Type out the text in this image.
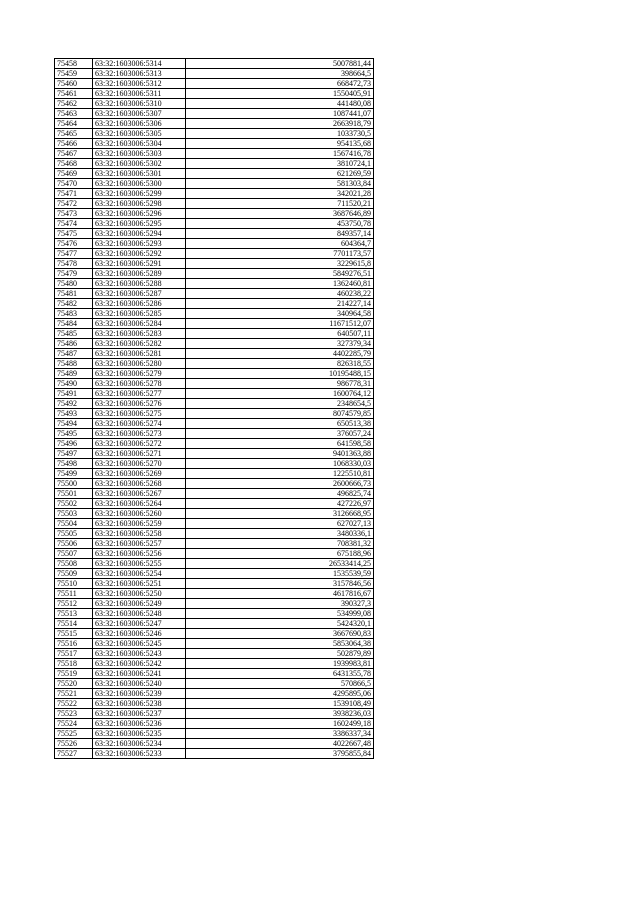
75458	63:32:1603006:5314	5007881,44
75459	63:32:1603006:5313	398664,5
75460	63:32:1603006:5312	668472,73
75461	63:32:1603006:5311	1550405,91
75462	63:32:1603006:5310	441480,08
75463	63:32:1603006:5307	1087441,07
75464	63:32:1603006:5306	2663918,79
75465	63:32:1603006:5305	1033730,5
75466	63:32:1603006:5304	954135,68
75467	63:32:1603006:5303	1567416,78
75468	63:32:1603006:5302	3810724,1
75469	63:32:1603006:5301	621269,59
75470	63:32:1603006:5300	581303,84
75471	63:32:1603006:5299	342021,28
75472	63:32:1603006:5298	711520,21
75473	63:32:1603006:5296	3687646,89
75474	63:32:1603006:5295	453750,78
75475	63:32:1603006:5294	849357,14
75476	63:32:1603006:5293	604364,7
75477	63:32:1603006:5292	7701173,57
75478	63:32:1603006:5291	3229615,8
75479	63:32:1603006:5289	5849276,51
75480	63:32:1603006:5288	1362460,81
75481	63:32:1603006:5287	460238,22
75482	63:32:1603006:5286	214227,14
75483	63:32:1603006:5285	340964,58
75484	63:32:1603006:5284	11671512,07
75485	63:32:1603006:5283	640507,11
75486	63:32:1603006:5282	327379,34
75487	63:32:1603006:5281	4402285,79
75488	63:32:1603006:5280	826318,55
75489	63:32:1603006:5279	10195488,15
75490	63:32:1603006:5278	986778,31
75491	63:32:1603006:5277	1600764,12
75492	63:32:1603006:5276	2348654,5
75493	63:32:1603006:5275	8074579,85
75494	63:32:1603006:5274	650513,38
75495	63:32:1603006:5273	376057,24
75496	63:32:1603006:5272	641598,58
75497	63:32:1603006:5271	9401363,88
75498	63:32:1603006:5270	1068330,03
75499	63:32:1603006:5269	1225510,81
75500	63:32:1603006:5268	2600666,73
75501	63:32:1603006:5267	496825,74
75502	63:32:1603006:5264	427226,97
75503	63:32:1603006:5260	3126668,95
75504	63:32:1603006:5259	627027,13
75505	63:32:1603006:5258	3480336,1
75506	63:32:1603006:5257	708381,32
75507	63:32:1603006:5256	675188,96
75508	63:32:1603006:5255	26533414,25
75509	63:32:1603006:5254	1535539,59
75510	63:32:1603006:5251	3157846,56
75511	63:32:1603006:5250	4617816,67
75512	63:32:1603006:5249	390327,3
75513	63:32:1603006:5248	534999,08
75514	63:32:1603006:5247	5424320,1
75515	63:32:1603006:5246	3667690,83
75516	63:32:1603006:5245	5853064,38
75517	63:32:1603006:5243	502879,89
75518	63:32:1603006:5242	1939983,81
75519	63:32:1603006:5241	6431355,78
75520	63:32:1603006:5240	570866,5
75521	63:32:1603006:5239	4295895,06
75522	63:32:1603006:5238	1539108,49
75523	63:32:1603006:5237	3938236,03
75524	63:32:1603006:5236	1602499,18
75525	63:32:1603006:5235	3386337,34
75526	63:32:1603006:5234	4022667,48
75527	63:32:1603006:5233	3795855,84
